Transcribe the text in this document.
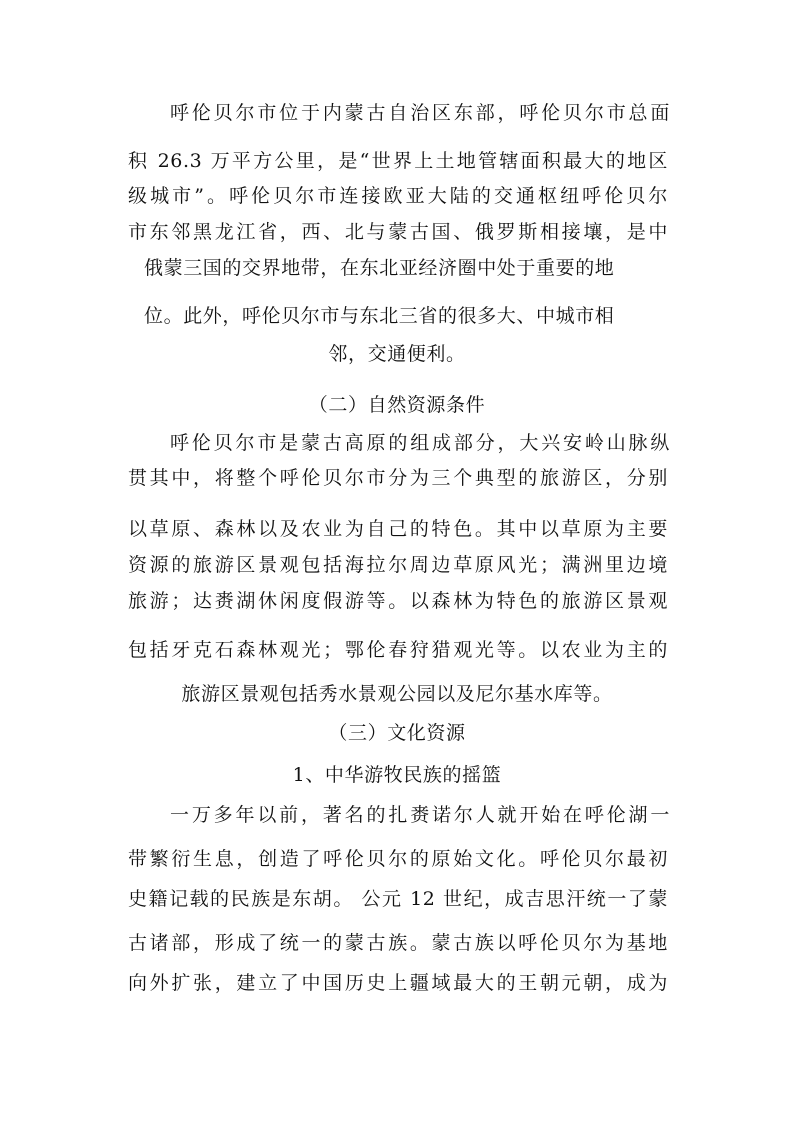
呼伦贝尔市位于内蒙古自治区东部，呼伦贝尔市总面
积 26.3 万平方公里，是“世界上土地管辖面积最大的地区
级城市”。呼伦贝尔市连接欧亚大陆的交通枢纽呼伦贝尔
市东邻黑龙江省，西、北与蒙古国、俄罗斯相接壤，是中
俄蒙三国的交界地带，在东北亚经济圈中处于重要的地
位。此外，呼伦贝尔市与东北三省的很多大、中城市相
邻，交通便利。
（二）自然资源条件
呼伦贝尔市是蒙古高原的组成部分，大兴安岭山脉纵
贯其中，将整个呼伦贝尔市分为三个典型的旅游区，分别
以草原、森林以及农业为自己的特色。其中以草原为主要
资源的旅游区景观包括海拉尔周边草原风光；满洲里边境
旅游；达赉湖休闲度假游等。以森林为特色的旅游区景观
包括牙克石森林观光；鄂伦春狩猎观光等。以农业为主的
旅游区景观包括秀水景观公园以及尼尔基水库等。
（三）文化资源
1、中华游牧民族的摇篮
一万多年以前，著名的扎赉诺尔人就开始在呼伦湖一
带繁衍生息，创造了呼伦贝尔的原始文化。呼伦贝尔最初
史籍记载的民族是东胡。 公元 12 世纪，成吉思汗统一了蒙
古诸部，形成了统一的蒙古族。蒙古族以呼伦贝尔为基地
向外扩张，建立了中国历史上疆域最大的王朝元朝，成为
